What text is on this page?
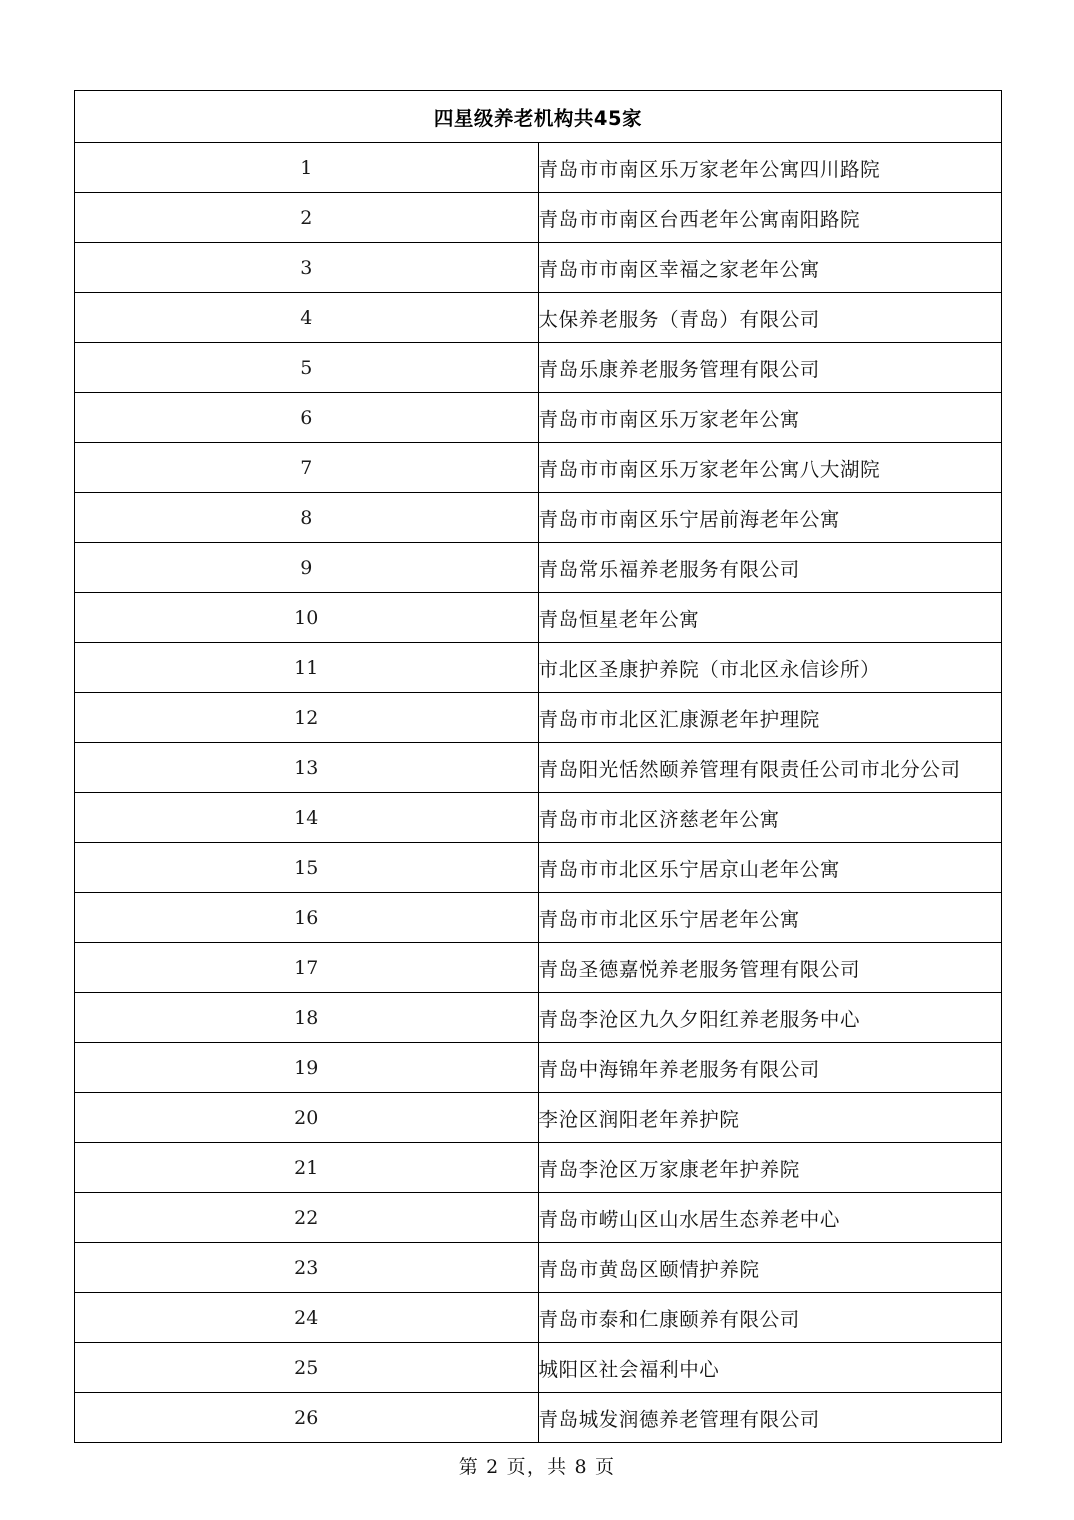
四星级养老机构共45家	
1	青岛市市南区乐万家老年公寓四川路院
2	青岛市市南区台西老年公寓南阳路院
3	青岛市市南区幸福之家老年公寓
4	太保养老服务（青岛）有限公司
5	青岛乐康养老服务管理有限公司
6	青岛市市南区乐万家老年公寓
7	青岛市市南区乐万家老年公寓八大湖院
8	青岛市市南区乐宁居前海老年公寓
9	青岛常乐福养老服务有限公司
10	青岛恒星老年公寓
11	市北区圣康护养院（市北区永信诊所）
12	青岛市市北区汇康源老年护理院
13	青岛阳光恬然颐养管理有限责任公司市北分公司
14	青岛市市北区济慈老年公寓
15	青岛市市北区乐宁居京山老年公寓
16	青岛市市北区乐宁居老年公寓
17	青岛圣德嘉悦养老服务管理有限公司
18	青岛李沧区九久夕阳红养老服务中心
19	青岛中海锦年养老服务有限公司
20	李沧区润阳老年养护院
21	青岛李沧区万家康老年护养院
22	青岛市崂山区山水居生态养老中心
23	青岛市黄岛区颐情护养院
24	青岛市泰和仁康颐养有限公司
25	城阳区社会福利中心
26	青岛城发润德养老管理有限公司
第 2 页，共 8 页
